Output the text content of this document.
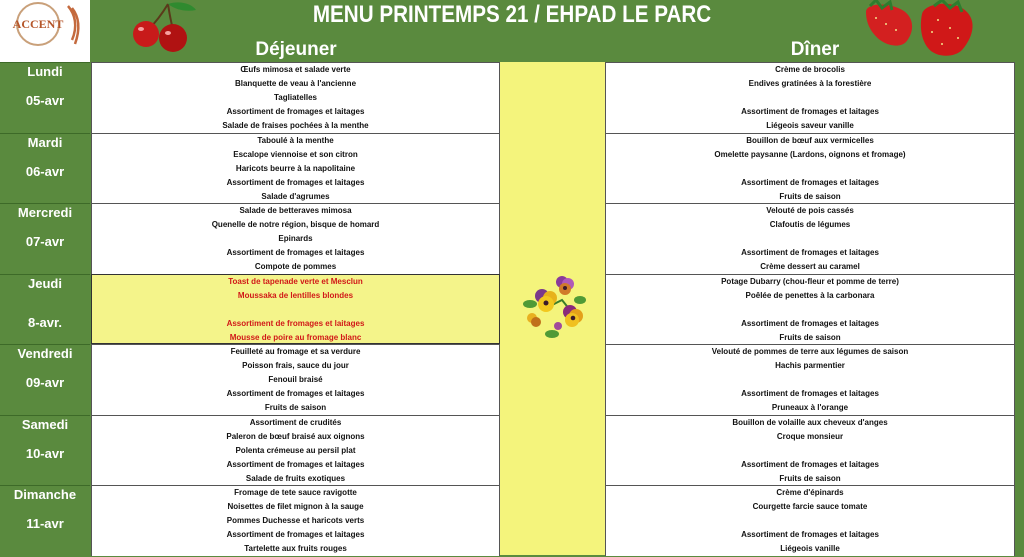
ACCENT	MENU PRINTEMPS 21 / EHPAD LE PARC
Déjeuner	Dîner
Lundi
05-avr
Œufs mimosa et salade verte
Blanquette de veau à l'ancienne
Tagliatelles
Assortiment de fromages et laitages
Salade de fraises pochées à la menthe
Crème de brocolis
Endives gratinées à la forestière
Assortiment de fromages et laitages
Liégeois saveur vanille
Mardi
06-avr
Taboulé à la menthe
Escalope viennoise et son citron
Haricots beurre à la napolitaine
Assortiment de fromages et laitages
Salade d'agrumes
Bouillon de bœuf aux vermicelles
Omelette paysanne (Lardons, oignons et fromage)
Assortiment de fromages et laitages
Fruits de saison
Mercredi
07-avr
Salade de betteraves mimosa
Quenelle de notre région, bisque de homard
Epinards
Assortiment de fromages et laitages
Compote de pommes
Velouté de pois cassés
Clafoutis de légumes
Assortiment de fromages et laitages
Crème dessert au caramel
Jeudi
8-avr.
Toast de tapenade verte et Mesclun
Moussaka de lentilles blondes
Assortiment de fromages et laitages
Mousse de poire au fromage blanc
Potage Dubarry (chou-fleur et pomme de terre)
Poêlée de penettes à la carbonara
Assortiment de fromages et laitages
Fruits de saison
Vendredi
09-avr
Feuilleté au fromage et sa verdure
Poisson frais, sauce du jour
Fenouil braisé
Assortiment de fromages et laitages
Fruits de saison
Velouté de pommes de terre aux légumes de saison
Hachis parmentier
Assortiment de fromages et laitages
Pruneaux à l'orange
Samedi
10-avr
Assortiment de crudités
Paleron de bœuf braisé aux oignons
Polenta crémeuse au persil plat
Assortiment de fromages et laitages
Salade de fruits exotiques
Bouillon de volaille aux cheveux d'anges
Croque monsieur
Assortiment de fromages et laitages
Fruits de saison
Dimanche
11-avr
Fromage de tete sauce ravigotte
Noisettes de filet mignon à la sauge
Pommes Duchesse et haricots verts
Assortiment de fromages et laitages
Tartelette aux fruits rouges
Crème d'épinards
Courgette farcie sauce tomate
Assortiment de fromages et laitages
Liégeois vanille
